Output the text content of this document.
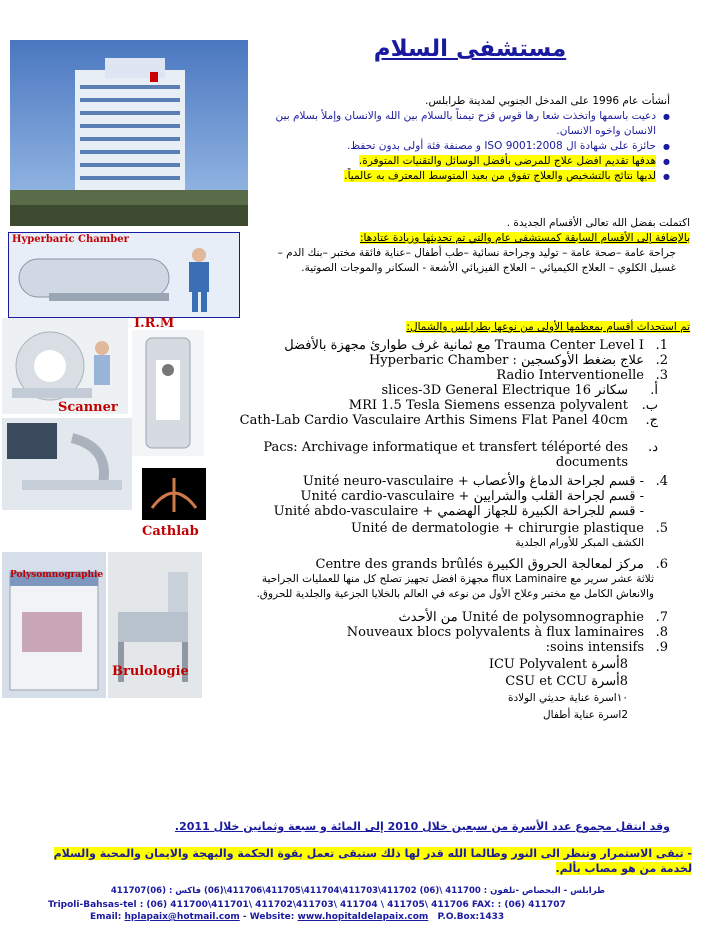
مستشفى السلام
أنشأت عام 1996 على المدخل الجنوبي لمدينة طرابلس.
● دعيت باسمها واتخذت شعا رها قوس قزح تيمناً بالسلام بين الله والانسان وإملأ بسلام بين الانسان واخوه الانسان.
● حائزة على شهادة ال ISO 9001:2008 و مصنفة فئة أولى بدون تحفظ.
● هدفها تقديم افضل علاج للمرضى بأفضل الوسائل والتقنيات المتوفرة.
● لديها نتائج بالتشخيص والعلاج تفوق من بعيد المتوسط المعترف به عالمياً.
اكتملت بفضل الله تعالى الأقسام الجديدة .
بالإضافة إلى الأقسام السابقة كمستشفى عام والتي تم تحديثها وزيادة عتادها:
جراحة عامة –صحة عامة – توليد وجراحة نسائية –طب أطفال –عناية فائقة مختبر –بنك الدم – غسيل الكلوي – العلاج الكيميائي – العلاج الفيزيائي الأشعة - السكانر والموجات الصوتية.
Hyperbaric Chamber
Scanner
I.R.M
Cathlab
Polysomnographie
Brulologie
تم استحداث أقسام بمعظمها الأولى من نوعها بطرابلس والشمال:
1.
Trauma Center Level I مع ثمانية غرف طوارئ مجهزة بالأفضل
2.
علاج بضغط الأوكسجين : Hyperbaric Chamber
3.
Radio Interventionelle
أ.
سكانر 16 slices-3D General Electrique
ب.
MRI 1.5 Tesla Siemens essenza polyvalent
ج.
Cath-Lab Cardio Vasculaire Arthis Simens Flat Panel 40cm
د.
Pacs: Archivage informatique et transfert téléporté des documents
4.
- قسم لجراحة الدماغ والأعصاب + Unité neuro-vasculaire
- قسم لجراحة القلب والشرايين + Unité cardio-vasculaire
- قسم للجراحة الكبيرة للجهاز الهضمي + Unité abdo-vasculaire
5.
Unité de dermatologie + chirurgie plastique
الكشف المبكر للأورام الجلدية
6.
مركز لمعالجة الحروق الكبيرة Centre des grands brûlés
ثلاثة عشر سرير مع flux Laminaire مجهزة افضل تجهيز تصلح كل منها للعمليات الجراحية والانعاش الكامل مع مختبر وعلاج الأول من نوعه في العالم بالخلايا الجزعية والجلدية للحروق.
7.
Unité de polysomnographie من الأحدث
8.
Nouveaux blocs polyvalents à flux laminaires
9.
soins intensifs:
8أسرة ICU Polyvalent
8أسرة CSU et CCU
١٠اسرة عناية حديثي الولادة
2اسرة عناية أطفال
وقد انتقل مجموع عدد الأسرة من سبعين خلال 2010 إلى المائة و سبعة وثمانين خلال 2011.
- تبقى الاستمرار وتنظر الى النور وطالما الله قدر لها ذلك ستبقى تعمل بقوة الحكمة والبهجة والايمان والمحبة والسلام لخدمة من هو مصاب بألم.
طرابلس - البحصاص -تلفون : 411700 \(06) 411702\411703\411704\411705\411706\(06) فاكس : (06)411707
Tripoli-Bahsas-tel : (06) 411700\411701\ 411702\411703\ 411704 \ 411705\ 411706 FAX: : (06) 411707
Email: hplapaix@hotmail.com - Website: www.hopitaldelapaix.com P.O.Box:1433
